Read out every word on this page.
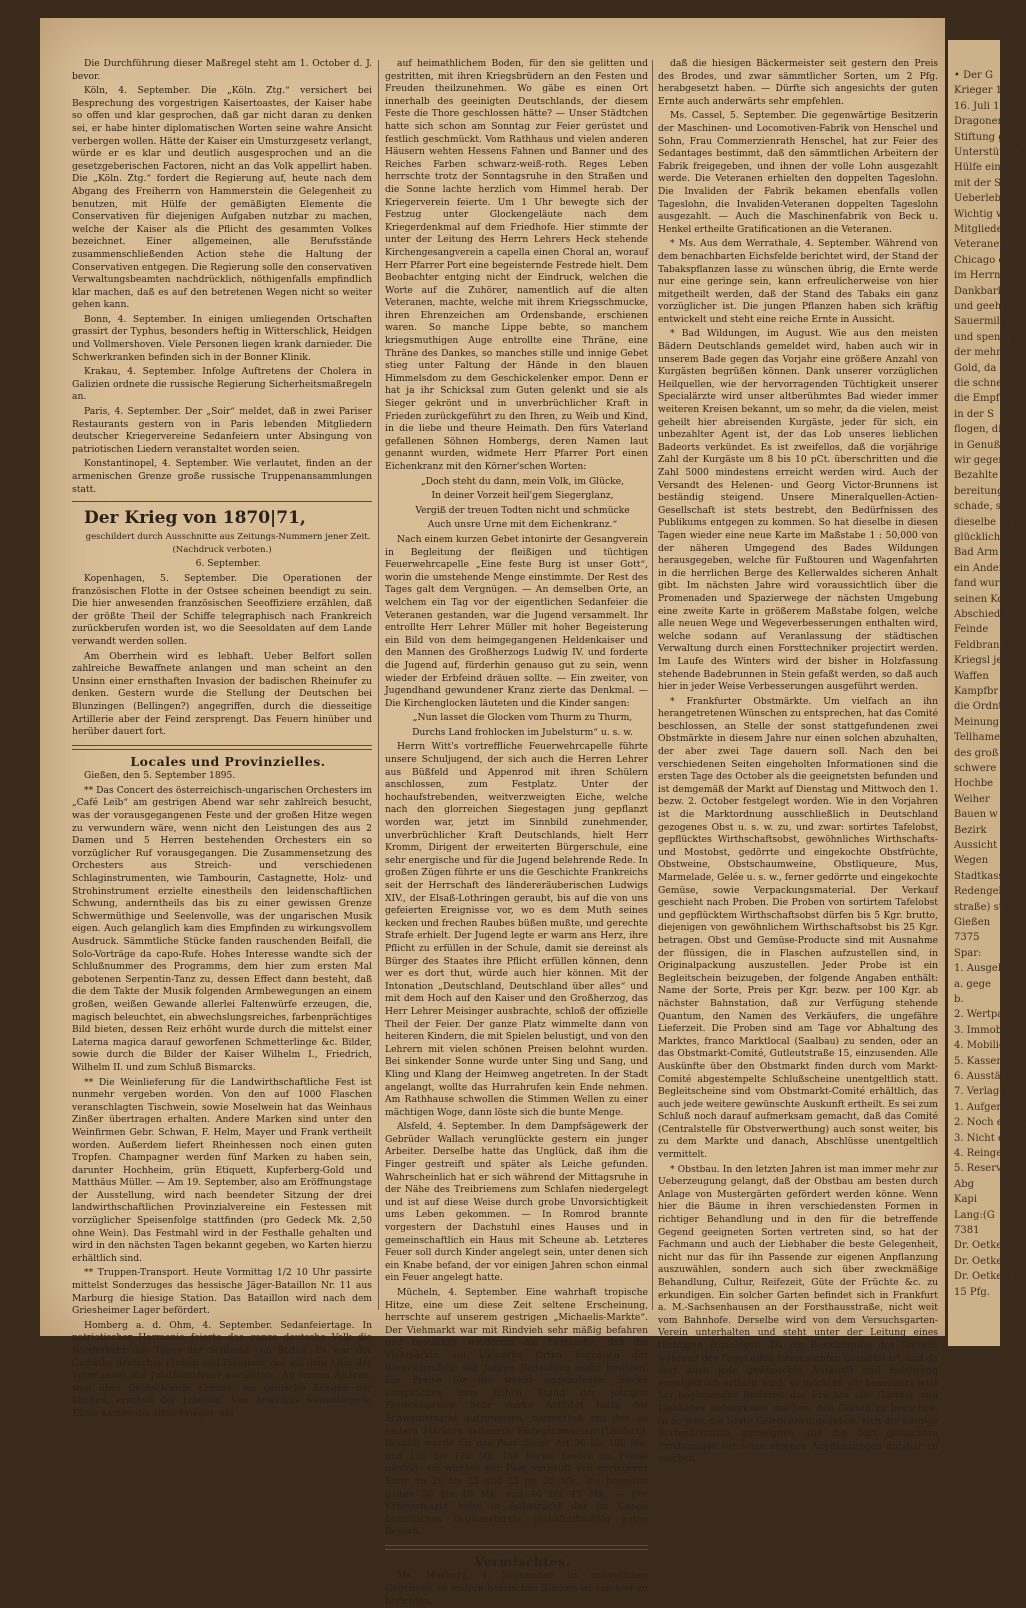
Die Durchführung dieser Maßregel steht am 1. October d. J. bevor.

Köln, 4. September. Die „Köln. Ztg.“ versichert bei Besprechung des vorgestrigen Kaisertoastes, der Kaiser habe so offen und klar gesprochen, daß gar nicht daran zu denken sei, er habe hinter diplomatischen Worten seine wahre Ansicht verbergen wollen. Hätte der Kaiser ein Umsturzgesetz verlangt, würde er es klar und deutlich ausgesprochen und an die gesetzgeberischen Factoren, nicht an das Volk appellirt haben. Die „Köln. Ztg.“ fordert die Regierung auf, heute nach dem Abgang des Freiherrn von Hammerstein die Gelegenheit zu benutzen, mit Hülfe der gemäßigten Elemente die Conservativen für diejenigen Aufgaben nutzbar zu machen, welche der Kaiser als die Pflicht des gesammten Volkes bezeichnet. Einer allgemeinen, alle Berufsstände zusammenschließenden Action stehe die Haltung der Conservativen entgegen. Die Regierung solle den conservativen Verwaltungsbeamten nachdrücklich, nöthigenfalls empfindlich klar machen, daß es auf den betretenen Wegen nicht so weiter gehen kann.

Bonn, 4. September. In einigen umliegenden Ortschaften grassirt der Typhus, besonders heftig in Witterschlick, Heidgen und Vollmershoven. Viele Personen liegen krank darnieder. Die Schwerkranken befinden sich in der Bonner Klinik.

Krakau, 4. September. Infolge Auftretens der Cholera in Galizien ordnete die russische Regierung Sicherheitsmaßregeln an.

Paris, 4. September. Der „Soir“ meldet, daß in zwei Pariser Restaurants gestern von in Paris lebenden Mitgliedern deutscher Kriegervereine Sedanfeiern unter Absingung von patriotischen Liedern veranstaltet worden seien.

Konstantinopel, 4. September. Wie verlautet, finden an der armenischen Grenze große russische Truppenansammlungen statt.

Der Krieg von 1870|71,

geschildert durch Ausschnitte aus Zeitungs-Nummern jener Zeit. (Nachdruck verboten.)

6. September.

Kopenhagen, 5. September. Die Operationen der französischen Flotte in der Ostsee scheinen beendigt zu sein. Die hier anwesenden französischen Seeoffiziere erzählen, daß der größte Theil der Schiffe telegraphisch nach Frankreich zurückberufen worden ist, wo die Seesoldaten auf dem Lande verwandt werden sollen.

Am Oberrhein wird es lebhaft. Ueber Belfort sollen zahlreiche Bewaffnete anlangen und man scheint an den Unsinn einer ernsthaften Invasion der badischen Rheinufer zu denken. Gestern wurde die Stellung der Deutschen bei Blunzingen (Bellingen?) angegriffen, durch die diesseitige Artillerie aber der Feind zersprengt. Das Feuern hinüber und herüber dauert fort.

Locales und Provinzielles.

Gießen, den 5. September 1895.

** Das Concert des österreichisch-ungarischen Orchesters im „Café Leib“ am gestrigen Abend war sehr zahlreich besucht, was der vorausgegangenen Feste und der großen Hitze wegen zu verwundern wäre, wenn nicht den Leistungen des aus 2 Damen und 5 Herren bestehenden Orchesters ein so vorzüglicher Ruf vorausgegangen. Die Zusammensetzung des Orchesters aus Streich- und verschiedenen Schlaginstrumenten, wie Tambourin, Castagnette, Holz- und Strohinstrument erzielte einestheils den leidenschaftlichen Schwung, anderntheils das bis zu einer gewissen Grenze Schwermüthige und Seelenvolle, was der ungarischen Musik eigen. Auch gelanglich kam dies Empfinden zu wirkungsvollem Ausdruck. Sämmtliche Stücke fanden rauschenden Beifall, die Solo-Vorträge da capo-Rufe. Hohes Interesse wandte sich der Schlußnummer des Programms, dem hier zum ersten Mal gebotenen Serpentin-Tanz zu, dessen Effect dann besteht, daß die dem Takte der Musik folgenden Armbewegungen an einem großen, weißen Gewande allerlei Faltenwürfe erzeugen, die, magisch beleuchtet, ein abwechslungsreiches, farbenprächtiges Bild bieten, dessen Reiz erhöht wurde durch die mittelst einer Laterna magica darauf geworfenen Schmetterlinge &c. Bilder, sowie durch die Bilder der Kaiser Wilhelm I., Friedrich, Wilhelm II. und zum Schluß Bismarcks.

** Die Weinlieferung für die Landwirthschaftliche Fest ist nunmehr vergeben worden. Von den auf 1000 Flaschen veranschlagten Tischwein, sowie Moselwein hat das Weinhaus Zinßer übertragen erhalten. Andere Marken sind unter den Weinfirmen Gebr. Schwan, F. Helm, Mayer und Frank vertheilt worden. Außerdem liefert Rheinhessen noch einen guten Tropfen. Champagner werden fünf Marken zu haben sein, darunter Hochheim, grün Etiquett, Kupferberg-Gold und Matthäus Müller. — Am 19. September, also am Eröffnungstage der Ausstellung, wird nach beendeter Sitzung der drei landwirthschaftlichen Provinzialvereine ein Festessen mit vorzüglicher Speisenfolge stattfinden (pro Gedeck Mk. 2,50 ohne Wein). Das Festmahl wird in der Festhalle gehalten und wird in den nächsten Tagen bekannt gegeben, wo Karten hierzu erhältlich sind.

** Truppen-Transport. Heute Vormittag 1/2 10 Uhr passirte mittelst Sonderzuges das hessische Jäger-Bataillon Nr. 11 aus Marburg die hiesige Station. Das Bataillon wird nach dem Griesheimer Lager befördert.

Homberg a. d. Ohm, 4. September. Sedanfeiertage. In patriotischer Harmonie feierte das ganze deutsche Volk die Wiederkehr des Tages der Schlacht von Sedan. Es war der Gedanke deutscher Einheit und Einigkeit, der auf dem Altar des Vaterlandes die Jubiläumsfeuer anzündete. An fernen Altären, weit über Deutschlands Grenze, wo deutsche Zungen nur klingen, erscholl der Jubelton. Von Amerikas weitentlegene Küste kamen die alten Krieger, um

auf heimathlichem Boden, für den sie gelitten und gestritten, mit ihren Kriegsbrüdern an den Festen und Freuden theilzunehmen. Wo gäbe es einen Ort innerhalb des geeinigten Deutschlands, der diesem Feste die Thore geschlossen hätte? — Unser Städtchen hatte sich schon am Sonntag zur Feier gerüstet und festlich geschmückt. Vom Rathhaus und vielen anderen Häusern wehten Hessens Fahnen und Banner und des Reiches Farben schwarz-weiß-roth. Reges Leben herrschte trotz der Sonntagsruhe in den Straßen und die Sonne lachte herzlich vom Himmel herab. Der Kriegerverein feierte. Um 1 Uhr bewegte sich der Festzug unter Glockengeläute nach dem Kriegerdenkmal auf dem Friedhofe. Hier stimmte der unter der Leitung des Herrn Lehrers Heck stehende Kirchengesangverein a capella einen Choral an, worauf Herr Pfarrer Port eine begeisternde Festrede hielt. Dem Beobachter entging nicht der Eindruck, welchen die Worte auf die Zuhörer, namentlich auf die alten Veteranen, machte, welche mit ihrem Kriegsschmucke, ihren Ehrenzeichen am Ordensbande, erschienen waren. So manche Lippe bebte, so manchem kriegsmuthigen Auge entrollte eine Thräne, eine Thräne des Dankes, so manches stille und innige Gebet stieg unter Faltung der Hände in den blauen Himmelsdom zu dem Geschickelenker empor. Denn er hat ja ihr Schicksal zum Guten gelenkt und sie als Sieger gekrönt und in unverbrüchlicher Kraft in Frieden zurückgeführt zu den Ihren, zu Weib und Kind, in die liebe und theure Heimath. Den fürs Vaterland gefallenen Söhnen Hombergs, deren Namen laut genannt wurden, widmete Herr Pfarrer Port einen Eichenkranz mit den Körner'schen Worten:

„Doch steht du dann, mein Volk, im Glücke,

In deiner Vorzeit heil'gem Siegerglanz,

Vergiß der treuen Todten nicht und schmücke

Auch unsre Urne mit dem Eichenkranz.“

Nach einem kurzen Gebet intonirte der Gesangverein in Begleitung der fleißigen und tüchtigen Feuerwehrcapelle „Eine feste Burg ist unser Gott“, worin die umstehende Menge einstimmte. Der Rest des Tages galt dem Vergnügen. — An demselben Orte, an welchem ein Tag vor der eigentlichen Sedanfeier die Veteranen gestanden, war die Jugend versammelt. Ihr entrollte Herr Lehrer Müller mit hoher Begeisterung ein Bild von dem heimgegangenen Heldenkaiser und den Mannen des Großherzogs Ludwig IV. und forderte die Jugend auf, fürderhin genauso gut zu sein, wenn wieder der Erbfeind dräuen sollte. — Ein zweiter, von Jugendhand gewundener Kranz zierte das Denkmal. — Die Kirchenglocken läuteten und die Kinder sangen:

„Nun lasset die Glocken vom Thurm zu Thurm,

Durchs Land frohlocken im Jubelsturm“ u. s. w.

Herrn Witt's vortreffliche Feuerwehrcapelle führte unsere Schuljugend, der sich auch die Herren Lehrer aus Büßfeld und Appenrod mit ihren Schülern anschlossen, zum Festplatz. Unter der hochaufstrebenden, weitverzweigten Eiche, welche nach den glorreichen Siegestagen jung gepflanzt worden war, jetzt im Sinnbild zunehmender, unverbrüchlicher Kraft Deutschlands, hielt Herr Kromm, Dirigent der erweiterten Bürgerschule, eine sehr energische und für die Jugend belehrende Rede. In großen Zügen führte er uns die Geschichte Frankreichs seit der Herrschaft des ländereräuberischen Ludwigs XIV., der Elsaß-Lothringen geraubt, bis auf die von uns gefeierten Ereignisse vor, wo es dem Muth seines kecken und frechen Raubes büßen mußte, und gerechte Strafe erhielt. Der Jugend legte er warm ans Herz, ihre Pflicht zu erfüllen in der Schule, damit sie dereinst als Bürger des Staates ihre Pflicht erfüllen können, denn wer es dort thut, würde auch hier können. Mit der Intonation „Deutschland, Deutschland über alles“ und mit dem Hoch auf den Kaiser und den Großherzog, das Herr Lehrer Meisinger ausbrachte, schloß der offizielle Theil der Feier. Der ganze Platz wimmelte dann von heiteren Kindern, die mit Spielen belustigt, und von den Lehrern mit vielen schönen Preisen belohnt wurden. Bei sinkender Sonne wurde unter Sing und Sang, und Kling und Klang der Heimweg angetreten. In der Stadt angelangt, wollte das Hurrahrufen kein Ende nehmen. Am Rathhause schwollen die Stimmen Wellen zu einer mächtigen Woge, dann löste sich die bunte Menge.

Alsfeld, 4. September. In dem Dampfsägewerk der Gebrüder Wallach verunglückte gestern ein junger Arbeiter. Derselbe hatte das Unglück, daß ihm die Finger gestreift und später als Leiche gefunden. Wahrscheinlich hat er sich während der Mittagsruhe in der Nähe des Treibriemens zum Schlafen niedergelegt und ist auf diese Weise durch grobe Unvorsichtigkeit ums Leben gekommen. — In Romrod brannte vorgestern der Dachstuhl eines Hauses und in gemeinschaftlich ein Haus mit Scheune ab. Letzteres Feuer soll durch Kinder angelegt sein, unter denen sich ein Knabe befand, der vor einigen Jahren schon einmal ein Feuer angelegt hatte.

Mücheln, 4. September. Eine wahrhaft tropische Hitze, eine um diese Zeit seltene Erscheinung, herrschte auf unserem gestrigen „Michaelis-Markte“. Der Viehmarkt war mit Rindvieh sehr mäßig befahren und bestätigte wiederum die Thatsache, daß die Viehmärkte auf kleineren Orten bezüglich der Rindviehzufuhr seit Jahren Bedeutung mehr besitzen. Die Preise für die wenig angebotenen Stücke entsprachen dem hohen Stand der jetzigen Rindviehpreise. Sehr starke Auffahrt hatte der Schweinemarkt aufzuweisen, namentlich mit den an andern Märkten seltenern Einlegschweinen (Läufern). Bezahlt wurde für das Paar dieser Art 90 bis 100 Mk. und 100 bis 120 Mk. Die Ferkel fanden im Preise niedrig; sie wurden per Paar verkauft von geringerer Sorte zu 20 bis 25 und 25 bis 30 Mk., die besseren galten 30 bis 40 Mk. und 40 bis 45 Mk. — Der Krämermarkt hatte in Anbetracht der im Gange befindlichen Grummeternte verhältnißmäßig guten Besuch.

Vermischtes.

Ms. Marburg, 4. September. Im erfreulichen Gegensatz zu andern hessischen Städten ist von hier zu berichten,

daß die hiesigen Bäckermeister seit gestern den Preis des Brodes, und zwar sämmtlicher Sorten, um 2 Pfg. herabgesetzt haben. — Dürfte sich angesichts der guten Ernte auch anderwärts sehr empfehlen.

Ms. Cassel, 5. September. Die gegenwärtige Besitzerin der Maschinen- und Locomotiven-Fabrik von Henschel und Sohn, Frau Commerzienrath Henschel, hat zur Feier des Sedantages bestimmt, daß den sämmtlichen Arbeitern der Fabrik freigegeben, und ihnen der volle Lohn ausgezahlt werde. Die Veteranen erhielten den doppelten Tageslohn. Die Invaliden der Fabrik bekamen ebenfalls vollen Tageslohn, die Invaliden-Veteranen doppelten Tageslohn ausgezahlt. — Auch die Maschinenfabrik von Beck u. Henkel ertheilte Gratificationen an die Veteranen.

* Ms. Aus dem Werrathale, 4. September. Während von dem benachbarten Eichsfelde berichtet wird, der Stand der Tabakspflanzen lasse zu wünschen übrig, die Ernte werde nur eine geringe sein, kann erfreulicherweise von hier mitgetheilt werden, daß der Stand des Tabaks ein ganz vorzüglicher ist. Die jungen Pflanzen haben sich kräftig entwickelt und steht eine reiche Ernte in Aussicht.

* Bad Wildungen, im August. Wie aus den meisten Bädern Deutschlands gemeldet wird, haben auch wir in unserem Bade gegen das Vorjahr eine größere Anzahl von Kurgästen begrüßen können. Dank unserer vorzüglichen Heilquellen, wie der hervorragenden Tüchtigkeit unserer Specialärzte wird unser altberühmtes Bad wieder immer weiteren Kreisen bekannt, um so mehr, da die vielen, meist geheilt hier abreisenden Kurgäste, jeder für sich, ein unbezahlter Agent ist, der das Lob unseres lieblichen Badeorts verkündet. Es ist zweifellos, daß die vorjährige Zahl der Kurgäste um 8 bis 10 pCt. überschritten und die Zahl 5000 mindestens erreicht werden wird. Auch der Versandt des Helenen- und Georg Victor-Brunnens ist beständig steigend. Unsere Mineralquellen-Actien-Gesellschaft ist stets bestrebt, den Bedürfnissen des Publikums entgegen zu kommen. So hat dieselbe in diesen Tagen wieder eine neue Karte im Maßstabe 1 : 50,000 von der näheren Umgegend des Bades Wildungen herausgegeben, welche für Fußtouren und Wagenfahrten in die herrlichen Berge des Kellerwaldes sicheren Anhalt gibt. Im nächsten Jahre wird voraussichtlich über die Promenaden und Spazierwege der nächsten Umgebung eine zweite Karte in größerem Maßstabe folgen, welche alle neuen Wege und Wegeverbesserungen enthalten wird, welche sodann auf Veranlassung der städtischen Verwaltung durch einen Forsttechniker projectirt werden. Im Laufe des Winters wird der bisher in Holzfassung stehende Badebrunnen in Stein gefaßt werden, so daß auch hier in jeder Weise Verbesserungen ausgeführt werden.

* Frankfurter Obstmärkte. Um vielfach an ihn herangetretenen Wünschen zu entsprechen, hat das Comité beschlossen, an Stelle der sonst stattgefundenen zwei Obstmärkte in diesem Jahre nur einen solchen abzuhalten, der aber zwei Tage dauern soll. Nach den bei verschiedenen Seiten eingeholten Informationen sind die ersten Tage des October als die geeignetsten befunden und ist demgemäß der Markt auf Dienstag und Mittwoch den 1. bezw. 2. October festgelegt worden. Wie in den Vorjahren ist die Marktordnung ausschließlich in Deutschland gezogenes Obst u. s. w. zu, und zwar: sortirtes Tafelobst, gepflücktes Wirthschaftsobst, gewöhnliches Wirthschafts- und Mostobst, gedörrte und eingekochte Obstfrüchte, Obstweine, Obstschaumweine, Obstliqueure, Mus, Marmelade, Gelée u. s. w., ferner gedörrte und eingekochte Gemüse, sowie Verpackungsmaterial. Der Verkauf geschieht nach Proben. Die Proben von sortirtem Tafelobst und gepflücktem Wirthschaftsobst dürfen bis 5 Kgr. brutto, diejenigen von gewöhnlichem Wirthschaftsobst bis 25 Kgr. betragen. Obst und Gemüse-Producte sind mit Ausnahme der flüssigen, die in Flaschen aufzustellen sind, in Originalpackung auszustellen. Jeder Probe ist ein Begleitschein beizugeben, der folgende Angaben enthält: Name der Sorte, Preis per Kgr. bezw. per 100 Kgr. ab nächster Bahnstation, daß zur Verfügung stehende Quantum, den Namen des Verkäufers, die ungefähre Lieferzeit. Die Proben sind am Tage vor Abhaltung des Marktes, franco Marktlocal (Saalbau) zu senden, oder an das Obstmarkt-Comité, Gutleutstraße 15, einzusenden. Alle Auskünfte über den Obstmarkt finden durch vom Markt-Comité abgestempelte Schlußscheine unentgeltlich statt. Begleitscheine sind vom Obstmarkt-Comité erhältlich, das auch jede weitere gewünschte Auskunft ertheilt. Es sei zum Schluß noch darauf aufmerksam gemacht, daß das Comité (Centralstelle für Obstverwerthung) auch sonst weiter, bis zu dem Markte und danach, Abschlüsse unentgeltlich vermittelt.

* Obstbau. In den letzten Jahren ist man immer mehr zur Ueberzeugung gelangt, daß der Obstbau am besten durch Anlage von Mustergärten gefördert werden könne. Wenn hier die Bäume in ihren verschiedensten Formen in richtiger Behandlung und in den für die betreffende Gegend geeigneten Sorten vertreten sind, so hat der Fachmann und auch der Liebhaber die beste Gelegenheit, nicht nur das für ihn Passende zur eigenen Anpflanzung auszuwählen, sondern auch sich über zweckmäßige Behandlung, Cultur, Reifezeit, Güte der Früchte &c. zu erkundigen. Ein solcher Garten befindet sich in Frankfurt a. M.-Sachsenhausen an der Forsthausstraße, nicht weit vom Bahnhofe. Derselbe wird von dem Versuchsgarten-Verein unterhalten und steht unter der Leitung eines tüchtigen Pomologen. Da die Besichtigung des Gartens während des Tages allen Interessenten gestattet ist, und da dort auch jede gewünschte Auskunft und Belehrung unentgeltlich ertheilt wird, so möchten wir besonders jetzt bei beginnender Reifezeit der Früchte alle Gärtner und Liebhaber aufmerksam machen, den Garten zu besuchen. In so jetzt die beste Gelegenheit gegeben, sich die nöthige Sortenkenntniß anzueignen und die dort gemachten Erfahrungen für seine eigenen Anpflanzungen nutzbar zu machen.

• Der G
Krieger 1870/
16. Juli 1870
Dragoner-Re
Stiftung ge
Unterstützun
Hülfe einer
mit der Sum
Ueberleben
Wichtig war
Mitglieder
Veteranenfes
Chicago ein
im Herrn
Dankbarkeit
und geehrt,
Sauermilch
und spendi
der mehr al
Gold, da
die schnell
die Empfan
in der S
flogen, die
in Genuß ein
wir gegen
Bezahlte
bereitungen
schade, so
dieselbe 2 g
glücklich ü
Bad Arm
ein Andenken
fand wurde
seinen Kopf
Abschied aus
Feinde
Feldbrand
Kriegsl je
Waffen
Kampfbr
die Ordnt
Meinung
Tellhamer
des groß
schwere
Hochbe
Weiher
Bauen w
Bezirk
Aussicht
Wegen
Stadtkasse
Redengebä
straße) st
Gießen
7375
Spar:
1. Ausgel
a. gege
b.
2. Wertpa
3. Immobi
4. Mobilien
5. Kassenvo
6. Ausstän
7. Verlagen
1. Aufgenom
2. Noch erhob
3. Nicht erh
4. Reingewin
5. Reservefon
Abg
Kapi
Lang:(G
7381
Dr. Oetkers
Dr. Oetkers
Dr. Oetker's
15 Pfg.
